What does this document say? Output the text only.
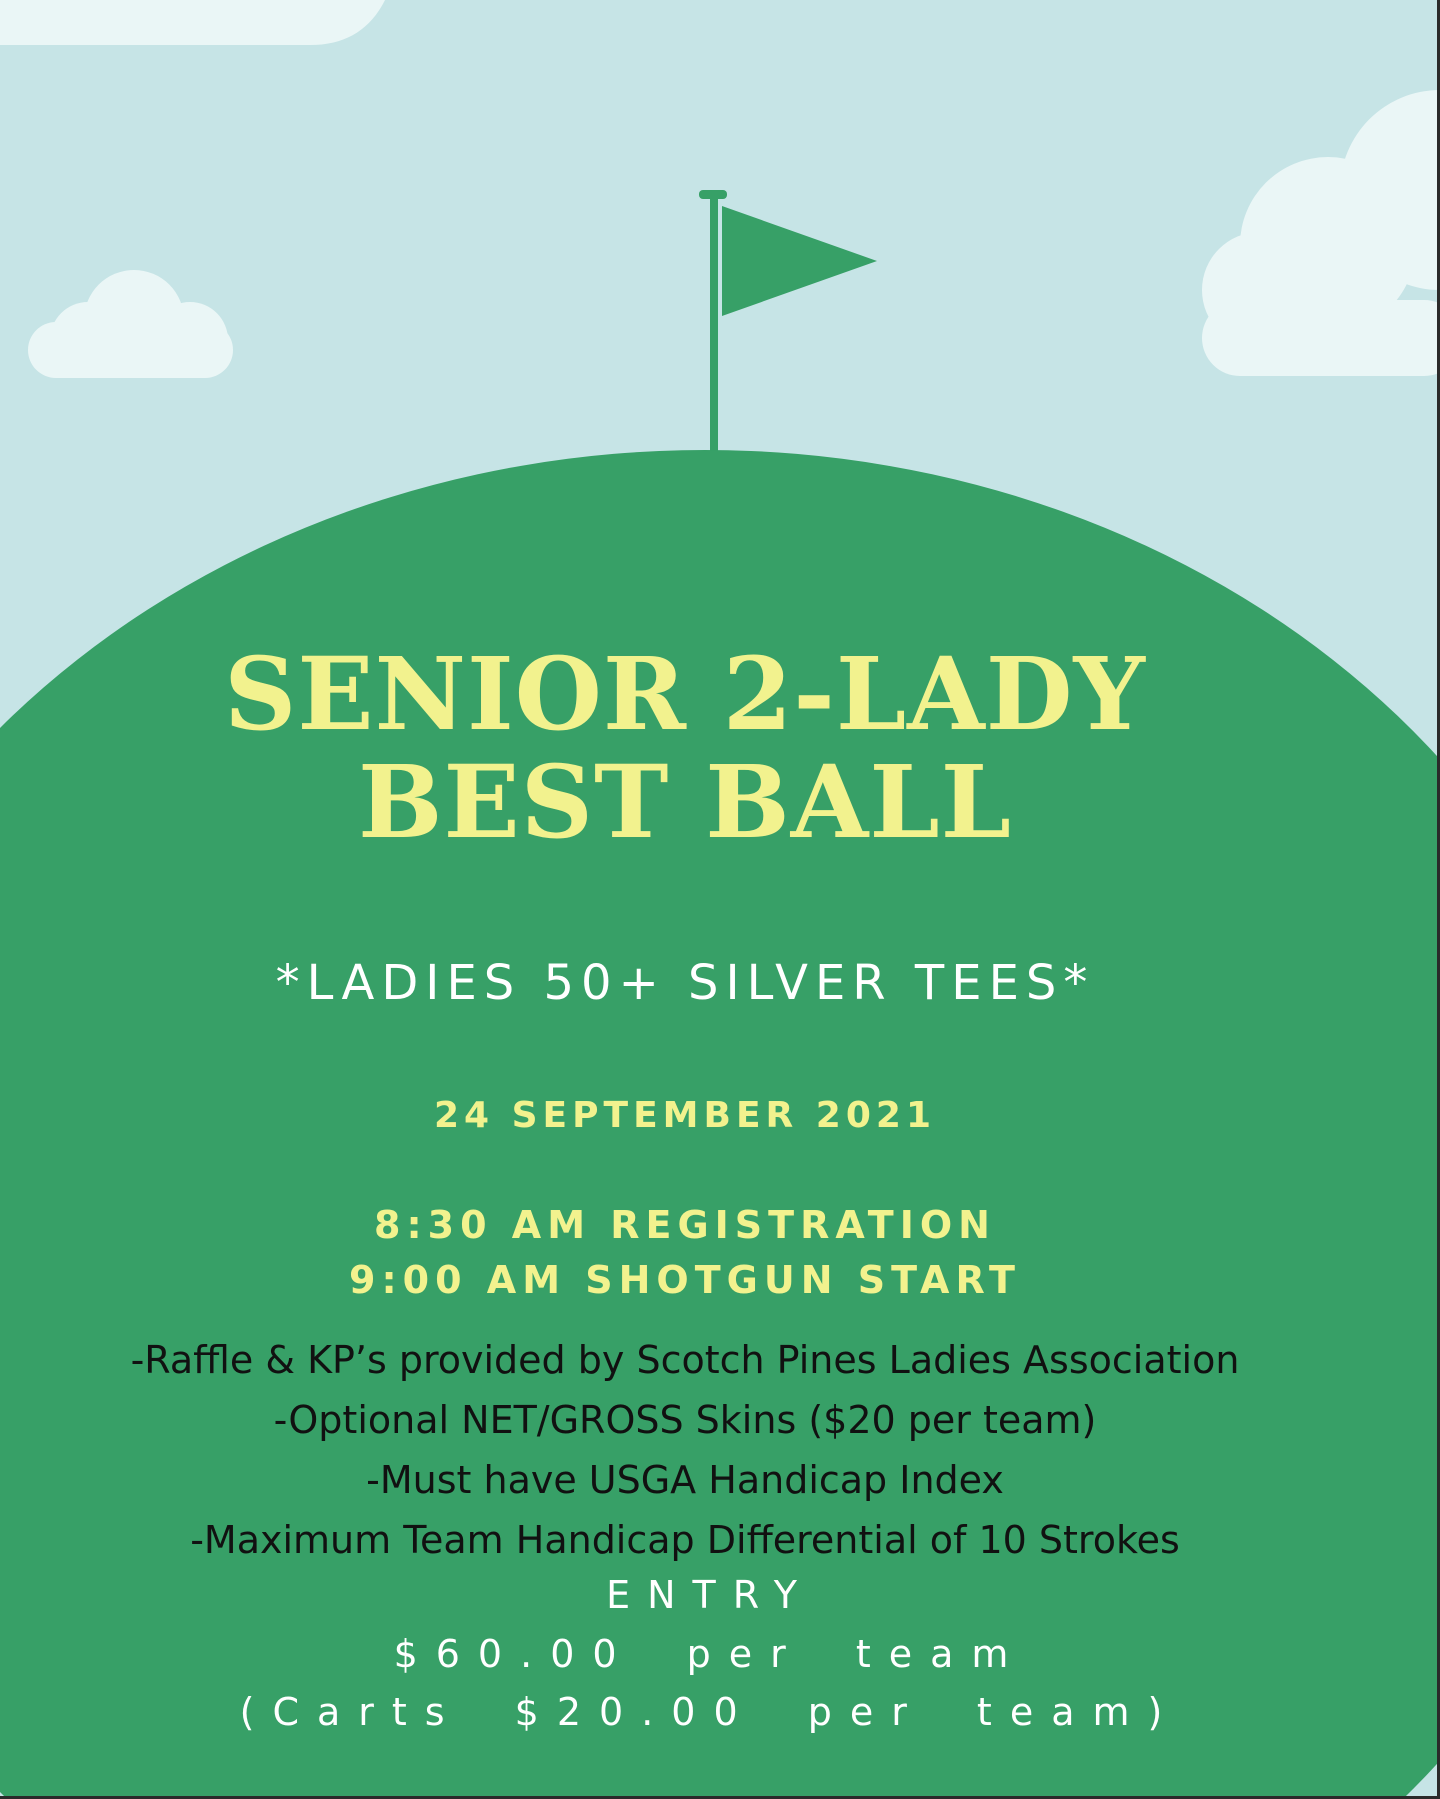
SENIOR 2-LADY BEST BALL
*LADIES 50+ SILVER TEES*
24 SEPTEMBER 2021
8:30 AM REGISTRATION
9:00 AM SHOTGUN START
-Raffle & KP’s provided by Scotch Pines Ladies Association
-Optional NET/GROSS Skins ($20 per team)
-Must have USGA Handicap Index
-Maximum Team Handicap Differential of 10 Strokes
ENTRY
$60.00 per team
(Carts $20.00 per team)
